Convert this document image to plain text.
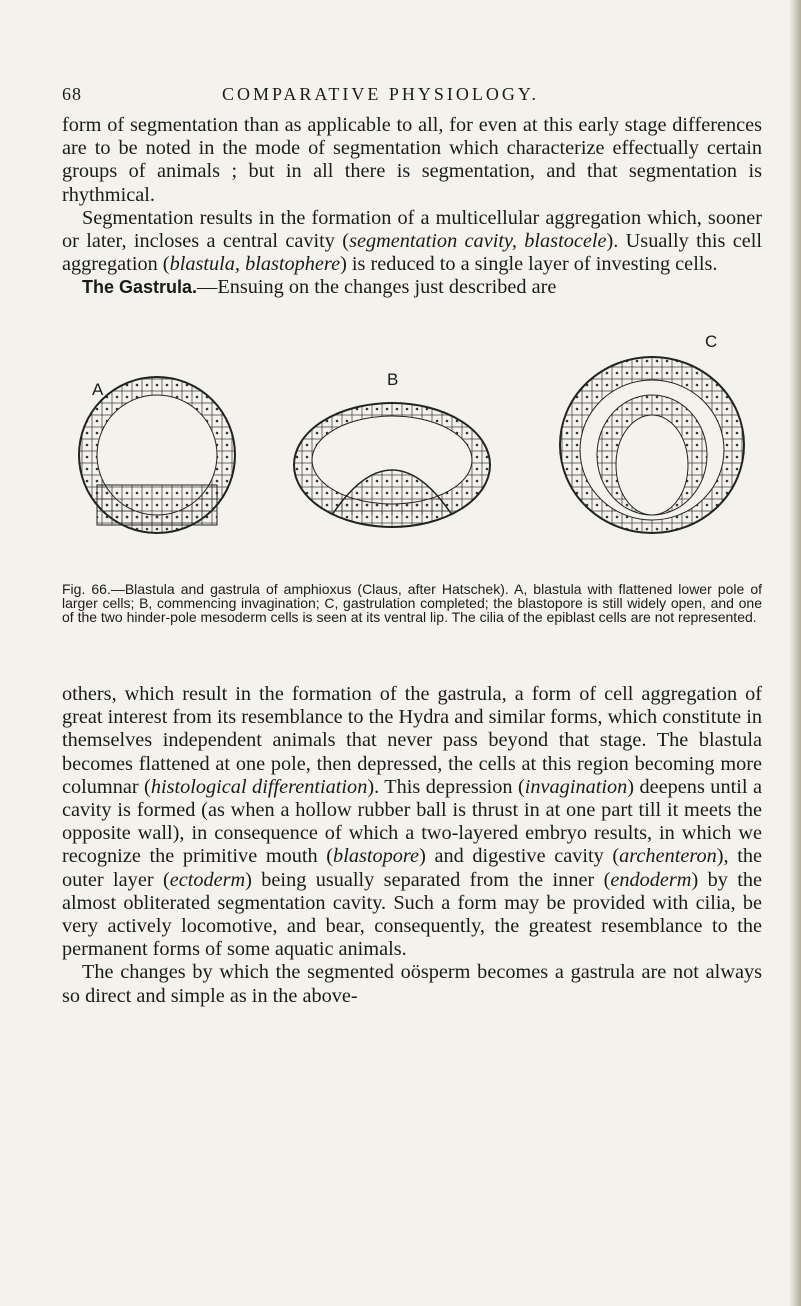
68	COMPARATIVE PHYSIOLOGY.

form of segmentation than as applicable to all, for even at this early stage differences are to be noted in the mode of segmentation which characterize effectually certain groups of animals ; but in all there is segmentation, and that segmentation is rhythmical.

Segmentation results in the formation of a multicellular aggregation which, sooner or later, incloses a central cavity (segmentation cavity, blastocele). Usually this cell aggregation (blastula, blastophere) is reduced to a single layer of investing cells.

The Gastrula.—Ensuing on the changes just described are

A
B
C
Fig. 66.—Blastula and gastrula of amphioxus (Claus, after Hatschek). A, blastula with flattened lower pole of larger cells; B, commencing invagination; C, gastrulation completed; the blastopore is still widely open, and one of the two hinder-pole mesoderm cells is seen at its ventral lip. The cilia of the epiblast cells are not represented.

others, which result in the formation of the gastrula, a form of cell aggregation of great interest from its resemblance to the Hydra and similar forms, which constitute in themselves independent animals that never pass beyond that stage. The blastula becomes flattened at one pole, then depressed, the cells at this region becoming more columnar (histological differentiation). This depression (invagination) deepens until a cavity is formed (as when a hollow rubber ball is thrust in at one part till it meets the opposite wall), in consequence of which a two-layered embryo results, in which we recognize the primitive mouth (blastopore) and digestive cavity (archenteron), the outer layer (ectoderm) being usually separated from the inner (endoderm) by the almost obliterated segmentation cavity. Such a form may be provided with cilia, be very actively locomotive, and bear, consequently, the greatest resemblance to the permanent forms of some aquatic animals.

The changes by which the segmented oösperm becomes a gastrula are not always so direct and simple as in the above-
